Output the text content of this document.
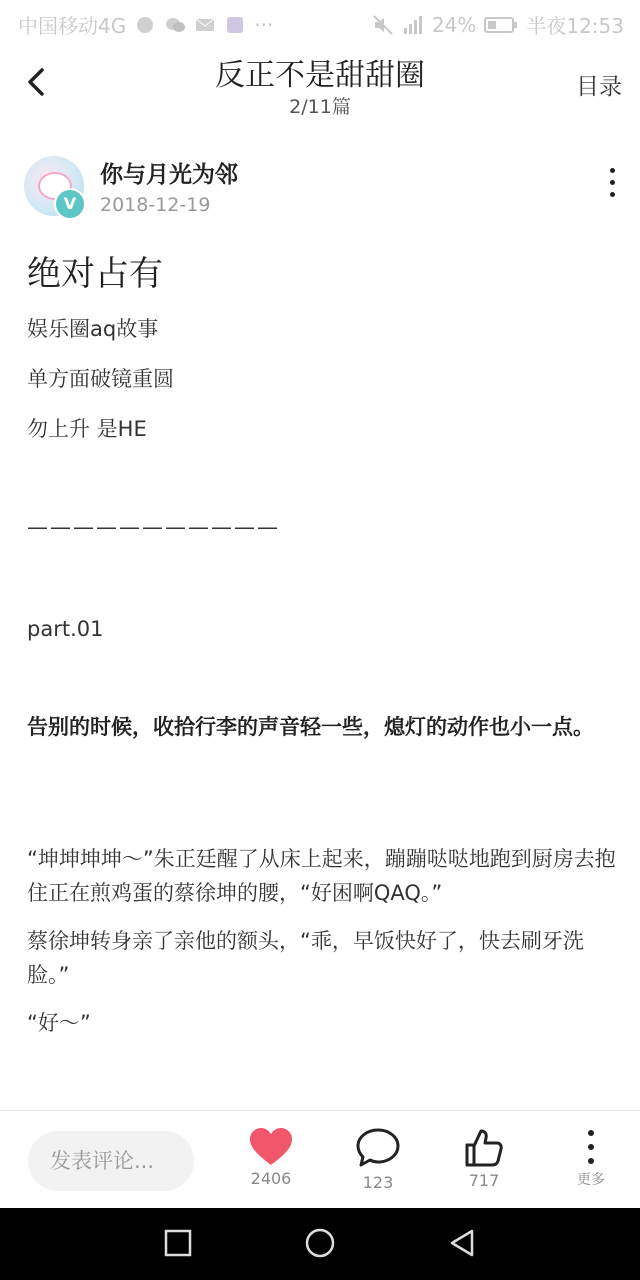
中国移动4G	···	24%	半夜12:53
反正不是甜甜圈
2/11篇
目录
V
你与月光为邻
2018-12-19
绝对占有
娱乐圈aq故事
单方面破镜重圆
勿上升 是HE
———————————
part.01
告别的时候，收拾行李的声音轻一些，熄灯的动作也小一点。
“坤坤坤坤～”朱正廷醒了从床上起来，蹦蹦哒哒地跑到厨房去抱住正在煎鸡蛋的蔡徐坤的腰，“好困啊QAQ。”
蔡徐坤转身亲了亲他的额头，“乖，早饭快好了，快去刷牙洗脸。”
“好～”
发表评论...
2406	123	717	更多
